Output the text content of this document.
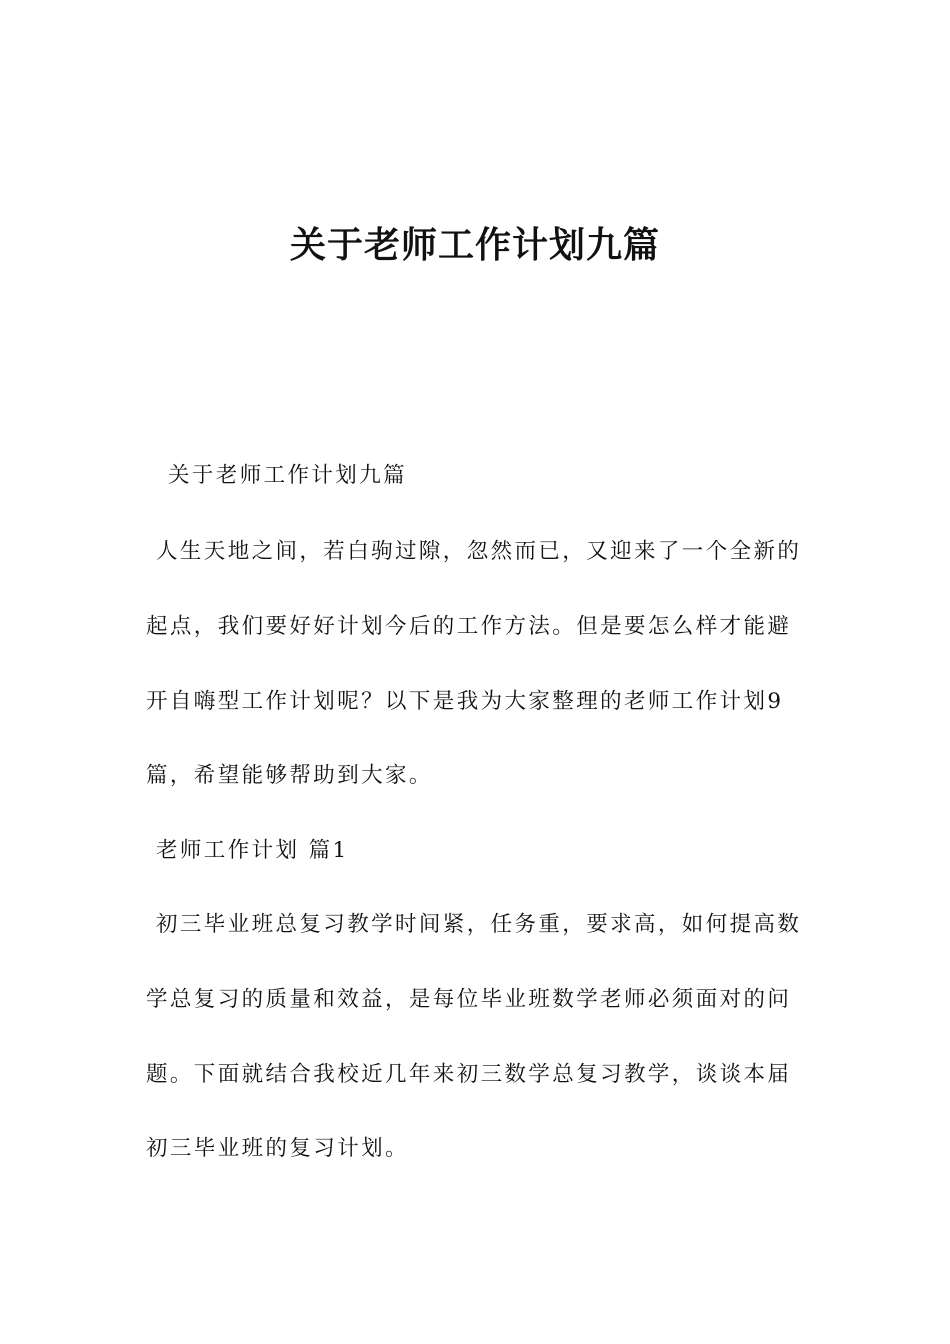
关于老师工作计划九篇

关于老师工作计划九篇

人生天地之间，若白驹过隙，忽然而已，又迎来了一个全新的

起点，我们要好好计划今后的工作方法。但是要怎么样才能避

开自嗨型工作计划呢？以下是我为大家整理的老师工作计划9

篇，希望能够帮助到大家。

老师工作计划 篇1

初三毕业班总复习教学时间紧，任务重，要求高，如何提高数

学总复习的质量和效益，是每位毕业班数学老师必须面对的问

题。下面就结合我校近几年来初三数学总复习教学，谈谈本届

初三毕业班的复习计划。
